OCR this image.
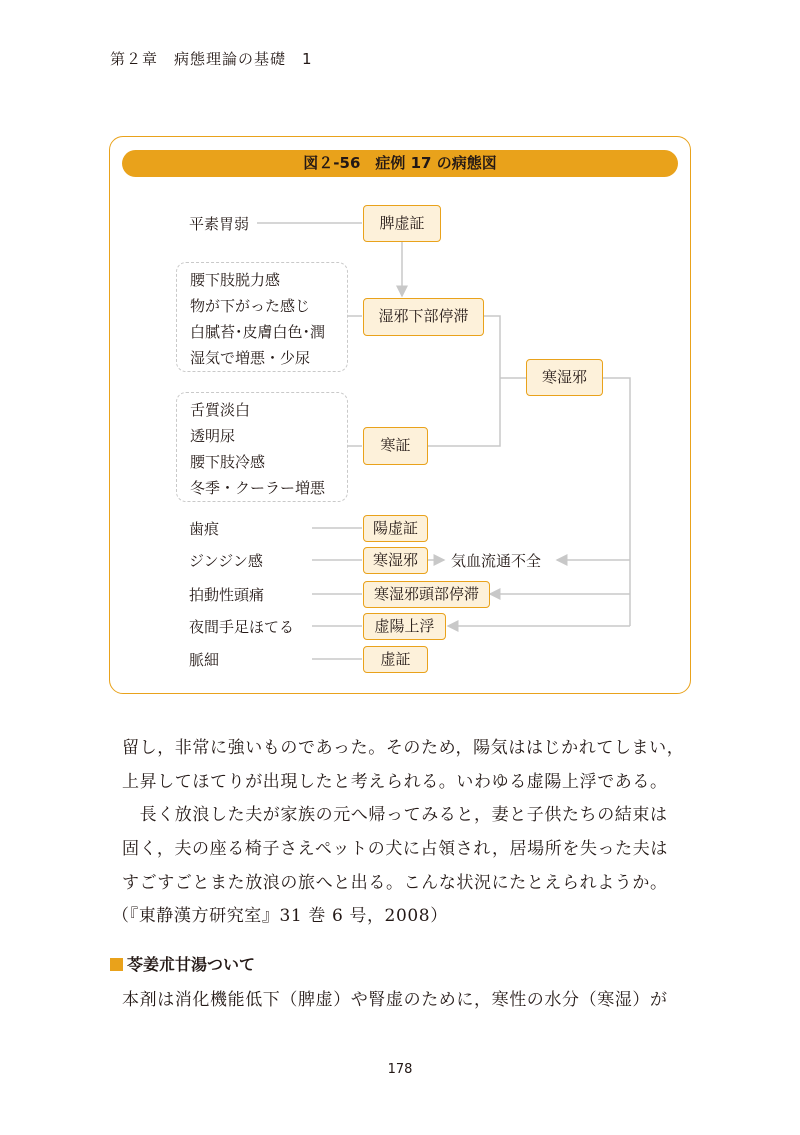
第２章　病態理論の基礎　1
図２-56　症例 17 の病態図
平素胃弱	脾虚証
腰下肢脱力感
物が下がった感じ
白膩苔･皮膚白色･潤
湿気で増悪・少尿
湿邪下部停滞
寒湿邪
舌質淡白
透明尿
腰下肢冷感
冬季・クーラー増悪
寒証
歯痕	陽虚証
ジンジン感	寒湿邪	気血流通不全
拍動性頭痛	寒湿邪頭部停滞
夜間手足ほてる	虚陽上浮
脈細	虚証
留し，非常に強いものであった。そのため，陽気ははじかれてしまい，
上昇してほてりが出現したと考えられる。いわゆる虚陽上浮である。
　長く放浪した夫が家族の元へ帰ってみると，妻と子供たちの結束は
固く，夫の座る椅子さえペットの犬に占領され，居場所を失った夫は
すごすごとまた放浪の旅へと出る。こんな状況にたとえられようか。
（『東静漢方研究室』31 巻 6 号，2008）
苓姜朮甘湯ついて
本剤は消化機能低下（脾虚）や腎虚のために，寒性の水分（寒湿）が
178
